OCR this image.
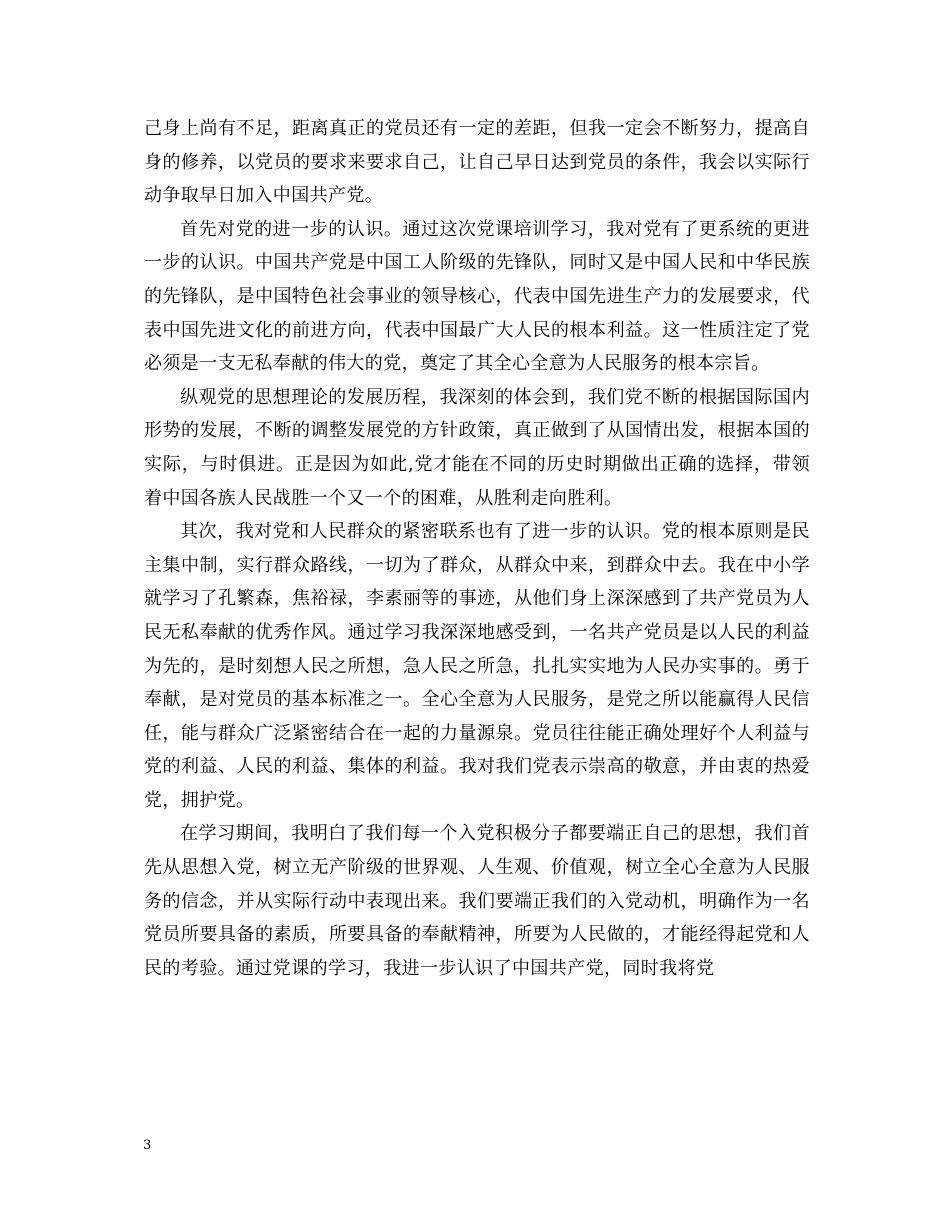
己身上尚有不足，距离真正的党员还有一定的差距，但我一定会不断努力，提高自身的修养，以党员的要求来要求自己，让自己早日达到党员的条件，我会以实际行动争取早日加入中国共产党。

首先对党的进一步的认识。通过这次党课培训学习，我对党有了更系统的更进一步的认识。中国共产党是中国工人阶级的先锋队，同时又是中国人民和中华民族的先锋队，是中国特色社会事业的领导核心，代表中国先进生产力的发展要求，代表中国先进文化的前进方向，代表中国最广大人民的根本利益。这一性质注定了党必须是一支无私奉献的伟大的党，奠定了其全心全意为人民服务的根本宗旨。

纵观党的思想理论的发展历程，我深刻的体会到，我们党不断的根据国际国内形势的发展，不断的调整发展党的方针政策，真正做到了从国情出发，根据本国的实际，与时俱进。正是因为如此,党才能在不同的历史时期做出正确的选择，带领着中国各族人民战胜一个又一个的困难，从胜利走向胜利。

其次，我对党和人民群众的紧密联系也有了进一步的认识。党的根本原则是民主集中制，实行群众路线，一切为了群众，从群众中来，到群众中去。我在中小学就学习了孔繁森，焦裕禄，李素丽等的事迹，从他们身上深深感到了共产党员为人民无私奉献的优秀作风。通过学习我深深地感受到，一名共产党员是以人民的利益为先的，是时刻想人民之所想，急人民之所急，扎扎实实地为人民办实事的。勇于奉献，是对党员的基本标准之一。全心全意为人民服务，是党之所以能赢得人民信任，能与群众广泛紧密结合在一起的力量源泉。党员往往能正确处理好个人利益与党的利益、人民的利益、集体的利益。我对我们党表示崇高的敬意，并由衷的热爱党，拥护党。

在学习期间，我明白了我们每一个入党积极分子都要端正自己的思想，我们首先从思想入党，树立无产阶级的世界观、人生观、价值观，树立全心全意为人民服务的信念，并从实际行动中表现出来。我们要端正我们的入党动机，明确作为一名党员所要具备的素质，所要具备的奉献精神，所要为人民做的，才能经得起党和人民的考验。通过党课的学习，我进一步认识了中国共产党，同时我将党

3
